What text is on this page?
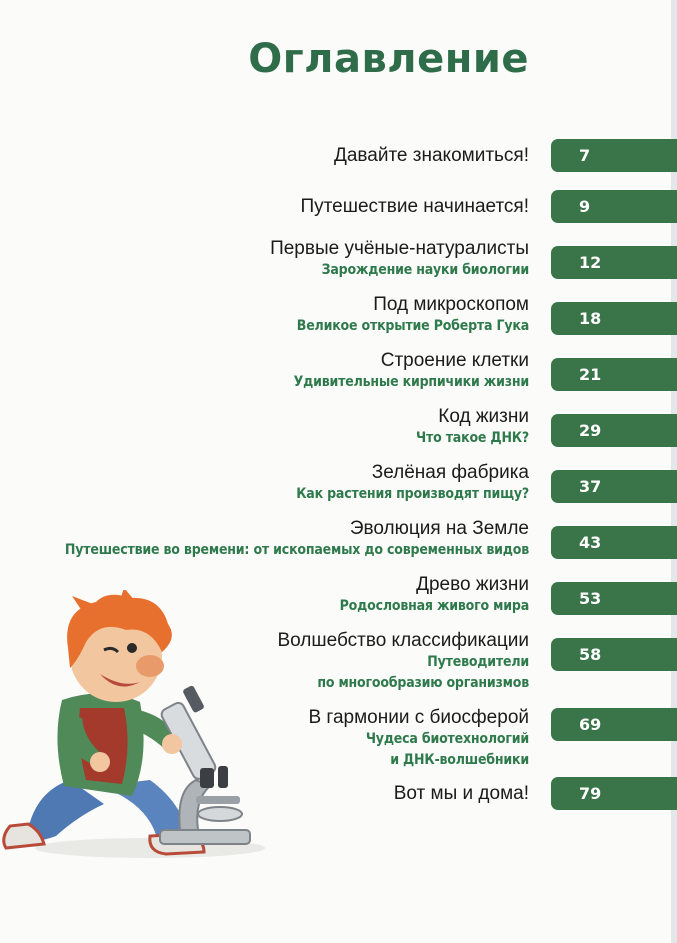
Оглавление
Давайте знакомиться!	7
Путешествие начинается!	9
Первые учёные-натуралисты
Зарождение науки биологии	12
Под микроскопом
Великое открытие Роберта Гука	18
Строение клетки
Удивительные кирпичики жизни	21
Код жизни
Что такое ДНК?	29
Зелёная фабрика
Как растения производят пищу?	37
Эволюция на Земле
Путешествие во времени: от ископаемых до современных видов	43
Древо жизни
Родословная живого мира	53
Волшебство классификации
Путеводители
по многообразию организмов
58
В гармонии с биосферой
Чудеса биотехнологий
и ДНК-волшебники
69
Вот мы и дома!	79
